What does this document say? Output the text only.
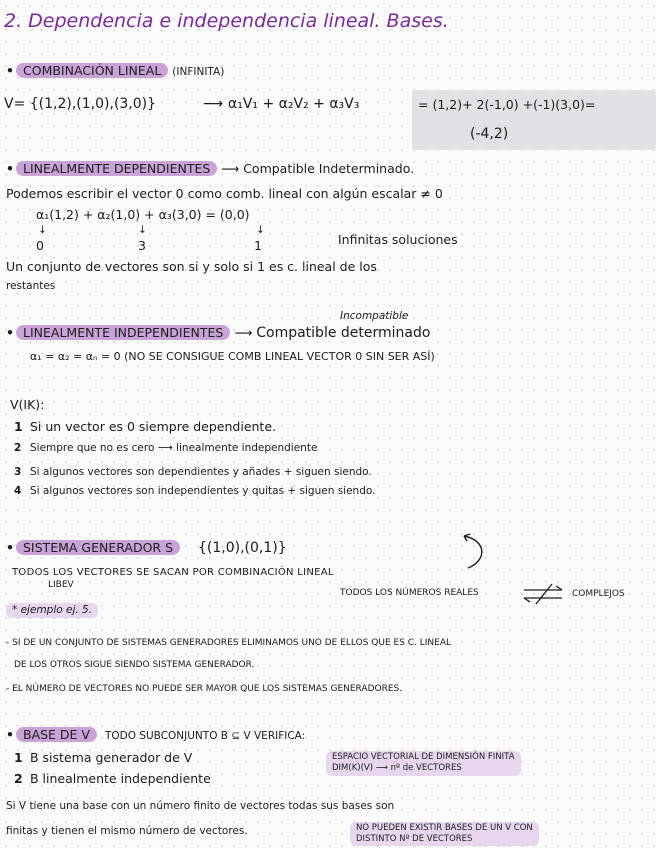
2. Dependencia e independencia lineal. Bases.
• COMBINACIÓN LINEAL (INFINITA)
V= {(1,2),(1,0),(3,0)}	⟶ α₁V₁ + α₂V₂ + α₃V₃	= (1,2)+ 2(-1,0) +(-1)(3,0)=
(-4,2)
• LINEALMENTE DEPENDIENTES ⟶ Compatible Indeterminado.
Podemos escribir el vector 0 como comb. lineal con algún escalar ≠ 0
α₁(1,2) + α₂(1,0) + α₃(3,0) = (0,0)
↓	↓	↓
0	3	1	Infinitas soluciones
Un conjunto de vectores son si y solo si 1 es c. lineal de los
restantes
Incompatible
• LINEALMENTE INDEPENDIENTES ⟶ Compatible determinado
α₁ = α₂ = αₙ = 0 (NO SE CONSIGUE COMB LINEAL VECTOR 0 SIN SER ASÍ)
V(IK):
1 Si un vector es 0 siempre dependiente.
2 Siempre que no es cero ⟶ linealmente independiente
3 Si algunos vectores son dependientes y añades + siguen siendo.
4 Si algunos vectores son independientes y quitas + siguen siendo.
• SISTEMA GENERADOR S {(1,0),(0,1)}
TODOS LOS VECTORES SE SACAN POR COMBINACIÓN LINEAL
LIBEV
TODOS LOS NÚMEROS REALES	COMPLEJOS
* ejemplo ej. 5.
- SI DE UN CONJUNTO DE SISTEMAS GENERADORES ELIMINAMOS UNO DE ELLOS QUE ES C. LINEAL
DE LOS OTROS SIGUE SIENDO SISTEMA GENERADOR.
- EL NÚMERO DE VECTORES NO PUEDE SER MAYOR QUE LOS SISTEMAS GENERADORES.
• BASE DE V TODO SUBCONJUNTO B ⊆ V VERIFICA:
1 B sistema generador de V
2 B linealmente independiente
ESPACIO VECTORIAL DE DIMENSIÓN FINITA
DIM(K)(V) ⟶ nº de VECTORES
Si V tiene una base con un número finito de vectores todas sus bases son
finitas y tienen el mismo número de vectores.	NO PUEDEN EXISTIR BASES DE UN V CON
DISTINTO Nº DE VECTORES
